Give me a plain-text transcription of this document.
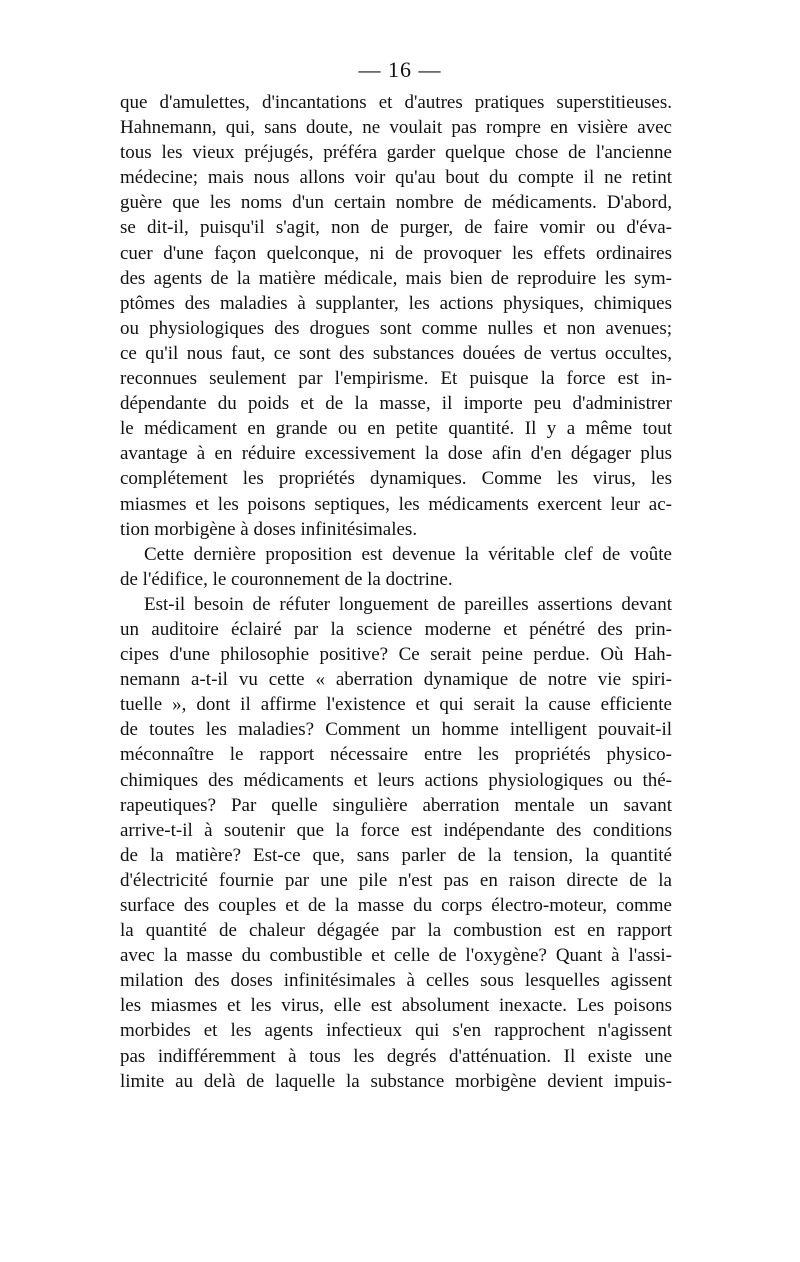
— 16 —
que d'amulettes, d'incantations et d'autres pratiques superstitieuses.
Hahnemann, qui, sans doute, ne voulait pas rompre en visière avec
tous les vieux préjugés, préféra garder quelque chose de l'ancienne
médecine; mais nous allons voir qu'au bout du compte il ne retint
guère que les noms d'un certain nombre de médicaments. D'abord,
se dit-il, puisqu'il s'agit, non de purger, de faire vomir ou d'éva-
cuer d'une façon quelconque, ni de provoquer les effets ordinaires
des agents de la matière médicale, mais bien de reproduire les sym-
ptômes des maladies à supplanter, les actions physiques, chimiques
ou physiologiques des drogues sont comme nulles et non avenues;
ce qu'il nous faut, ce sont des substances douées de vertus occultes,
reconnues seulement par l'empirisme. Et puisque la force est in-
dépendante du poids et de la masse, il importe peu d'administrer
le médicament en grande ou en petite quantité. Il y a même tout
avantage à en réduire excessivement la dose afin d'en dégager plus
complétement les propriétés dynamiques. Comme les virus, les
miasmes et les poisons septiques, les médicaments exercent leur ac-
tion morbigène à doses infinitésimales.
Cette dernière proposition est devenue la véritable clef de voûte
de l'édifice, le couronnement de la doctrine.
Est-il besoin de réfuter longuement de pareilles assertions devant
un auditoire éclairé par la science moderne et pénétré des prin-
cipes d'une philosophie positive? Ce serait peine perdue. Où Hah-
nemann a-t-il vu cette « aberration dynamique de notre vie spiri-
tuelle », dont il affirme l'existence et qui serait la cause efficiente
de toutes les maladies? Comment un homme intelligent pouvait-il
méconnaître le rapport nécessaire entre les propriétés physico-
chimiques des médicaments et leurs actions physiologiques ou thé-
rapeutiques? Par quelle singulière aberration mentale un savant
arrive-t-il à soutenir que la force est indépendante des conditions
de la matière? Est-ce que, sans parler de la tension, la quantité
d'électricité fournie par une pile n'est pas en raison directe de la
surface des couples et de la masse du corps électro-moteur, comme
la quantité de chaleur dégagée par la combustion est en rapport
avec la masse du combustible et celle de l'oxygène? Quant à l'assi-
milation des doses infinitésimales à celles sous lesquelles agissent
les miasmes et les virus, elle est absolument inexacte. Les poisons
morbides et les agents infectieux qui s'en rapprochent n'agissent
pas indifféremment à tous les degrés d'atténuation. Il existe une
limite au delà de laquelle la substance morbigène devient impuis-
